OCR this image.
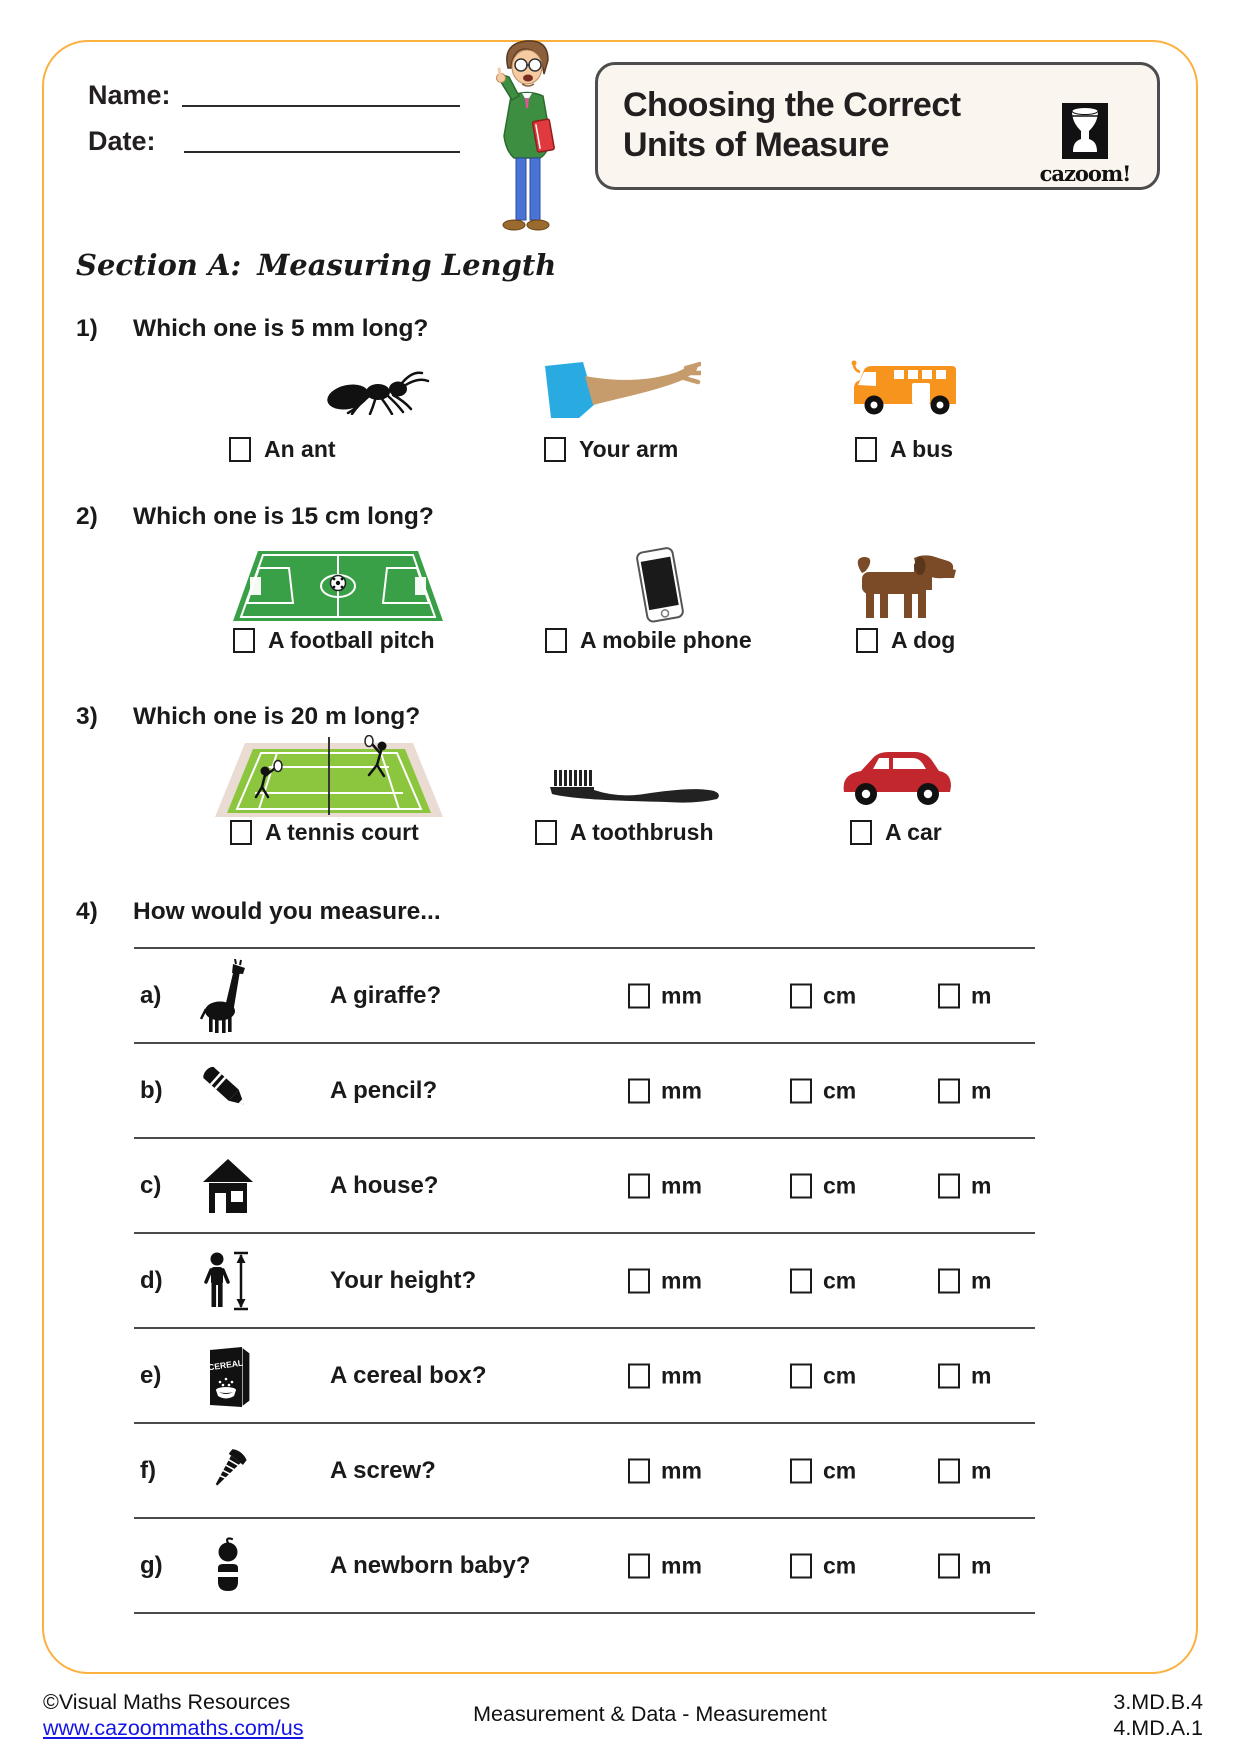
Name:
Date:
Choosing the Correct
Units of Measure
cazoom!
Section A: Measuring Length
1)	Which one is 5 mm long?
An ant	Your arm	A bus
2)	Which one is 15 cm long?
A football pitch	A mobile phone	A dog
3)	Which one is 20 m long?
A tennis court	A toothbrush	A car
4)	How would you measure...
a)	A giraffe?	mm	cm	m
b)	A pencil?	mm	cm	m
c)	A house?	mm	cm	m
d)	Your height?	mm	cm	m
e)	CEREAL	A cereal box?	mm	cm	m
f)	A screw?	mm	cm	m
g)	A newborn baby?	mm	cm	m
©Visual Maths Resources
www.cazoommaths.com/us
Measurement & Data - Measurement	3.MD.B.4
4.MD.A.1
